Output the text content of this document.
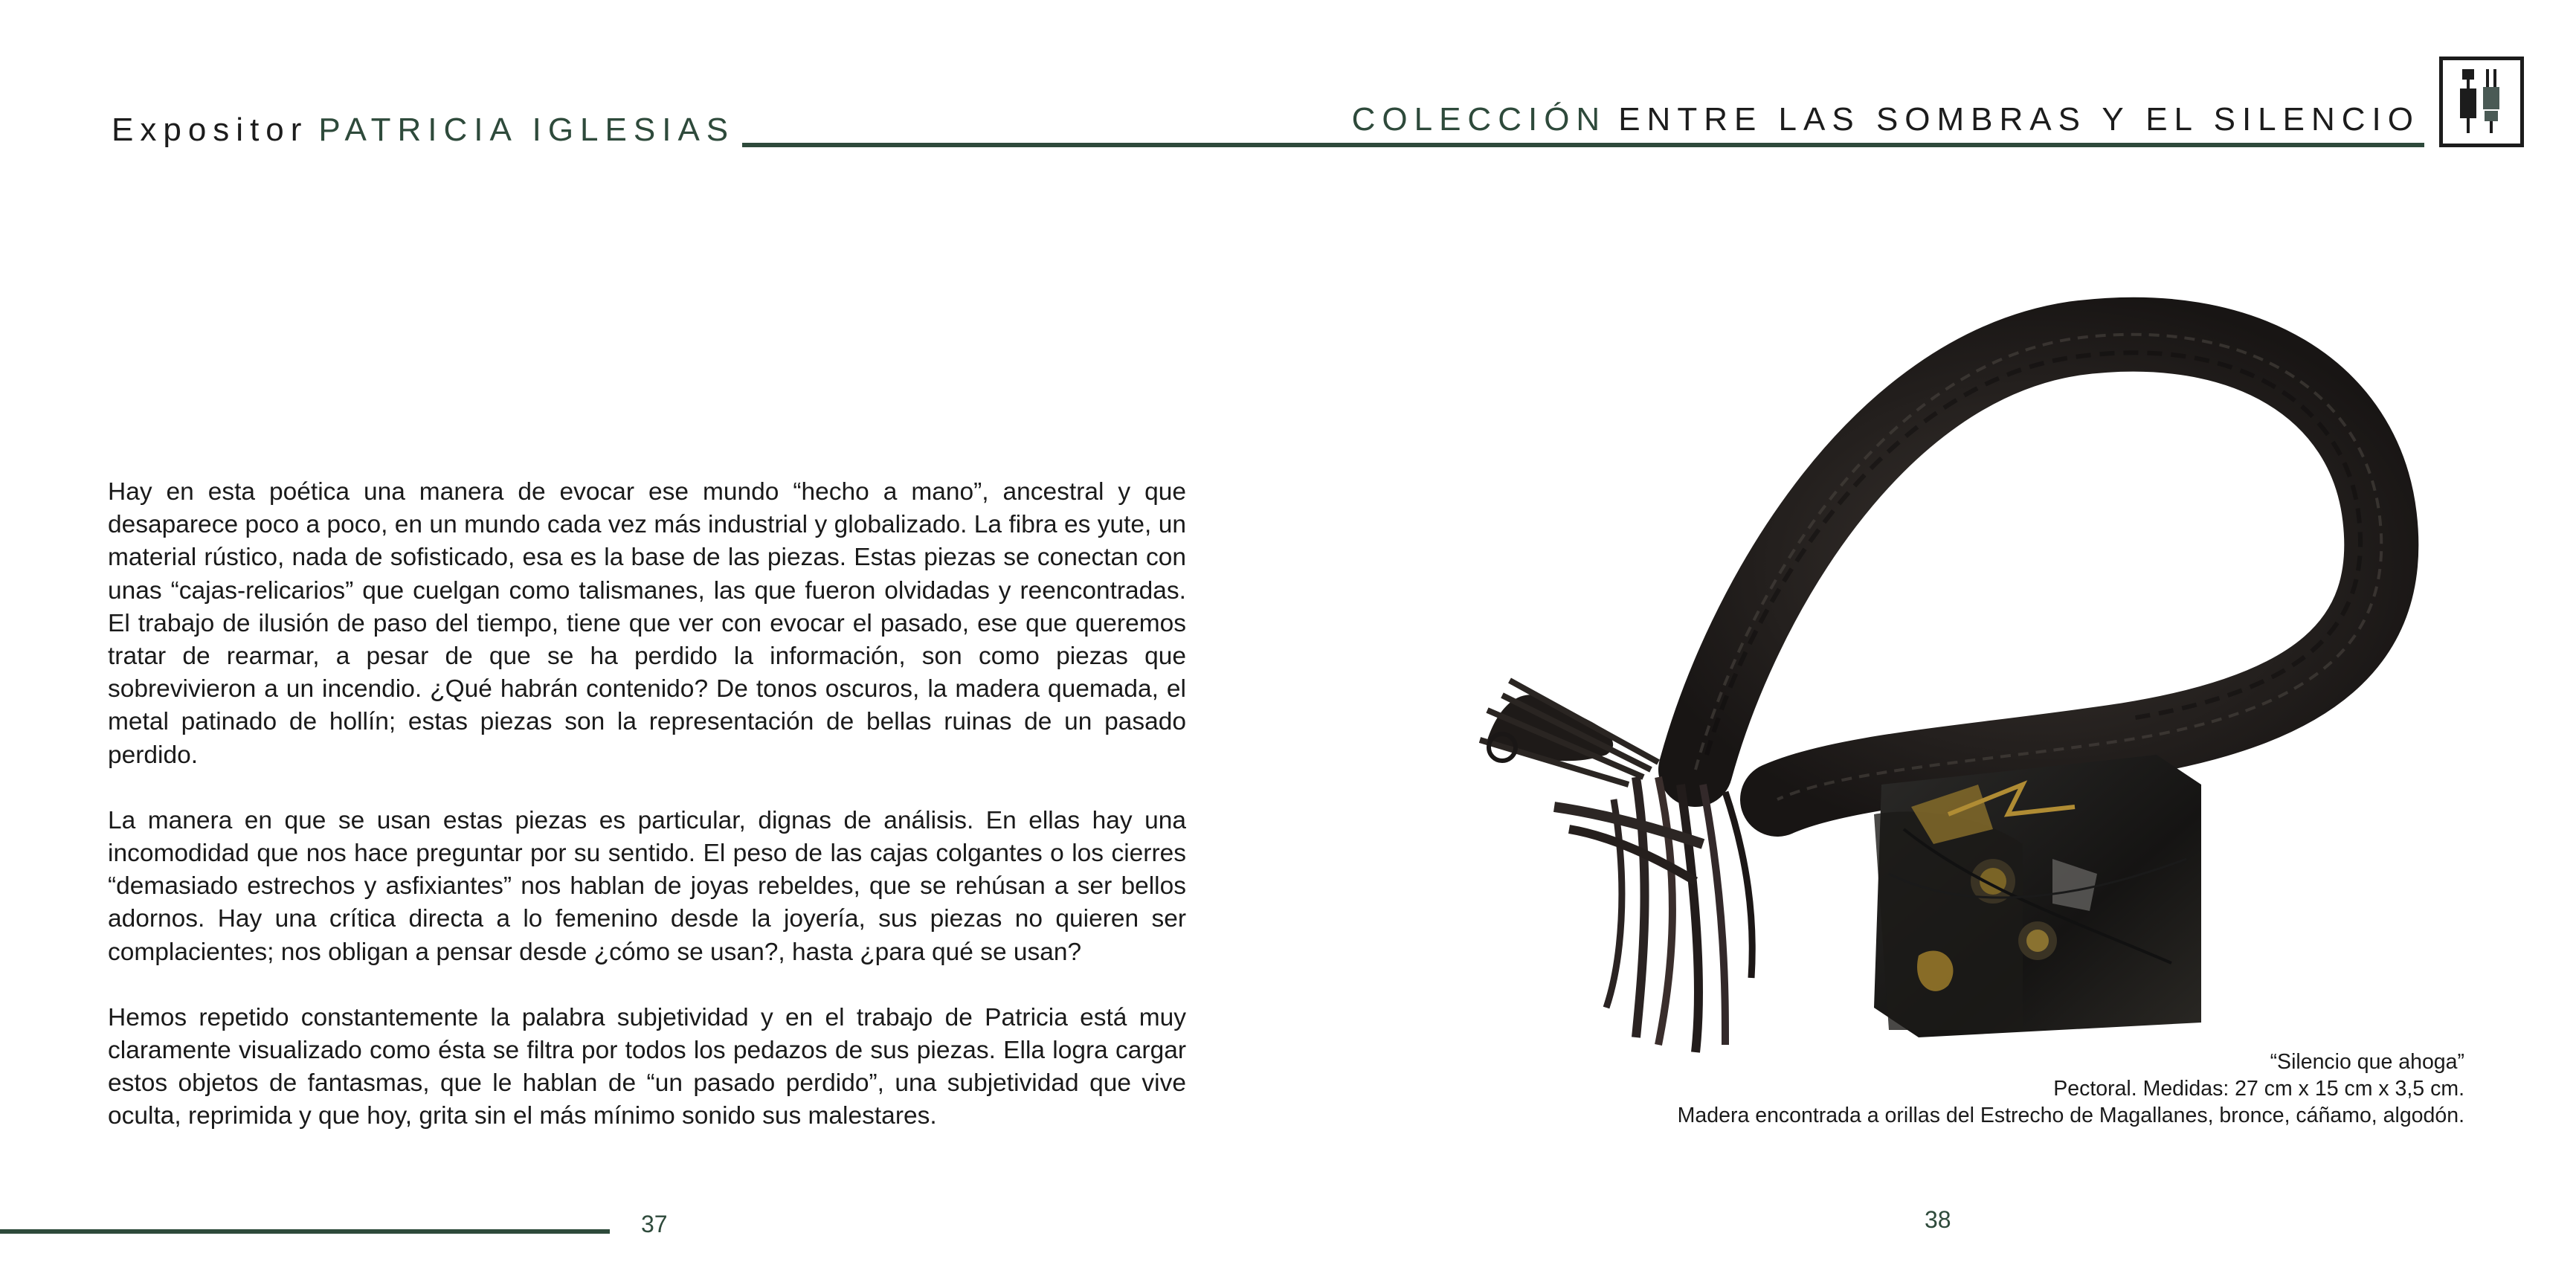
Expositor PATRICIA IGLESIAS	COLECCIÓN ENTRE LAS SOMBRAS Y EL SILENCIO

Hay en esta poética una manera de evocar ese mundo “hecho a mano”, ancestral y que desaparece poco a poco, en un mundo cada vez más industrial y globalizado. La fibra es yute, un material rústico, nada de sofisticado, esa es la base de las piezas. Estas piezas se conectan con unas “cajas-relicarios” que cuelgan como talismanes, las que fueron olvidadas y reencontradas. El trabajo de ilusión de paso del tiempo, tiene que ver con evocar el pasado, ese que queremos tratar de rearmar, a pesar de que se ha perdido la información, son como piezas que sobrevivieron a un incendio. ¿Qué habrán contenido? De tonos oscuros, la madera quemada, el metal patinado de hollín; estas piezas son la representación de bellas ruinas de un pasado perdido.

La manera en que se usan estas piezas es particular, dignas de análisis. En ellas hay una incomodidad que nos hace preguntar por su sentido. El peso de las cajas colgantes o los cierres “demasiado estrechos y asfixiantes” nos hablan de joyas rebeldes, que se rehúsan a ser bellos adornos. Hay una crítica directa a lo femenino desde la joyería, sus piezas no quieren ser complacientes; nos obligan a pensar desde ¿cómo se usan?, hasta ¿para qué se usan?

Hemos repetido constantemente la palabra subjetividad y en el trabajo de Patricia está muy claramente visualizado como ésta se filtra por todos los pedazos de sus piezas. Ella logra cargar estos objetos de fantasmas, que le hablan de “un pasado perdido”, una subjetividad que vive oculta, reprimida y que hoy, grita sin el más mínimo sonido sus malestares.

“Silencio que ahoga”
Pectoral. Medidas: 27 cm x 15 cm x 3,5 cm.
Madera encontrada a orillas del Estrecho de Magallanes, bronce, cáñamo, algodón.
37	38
